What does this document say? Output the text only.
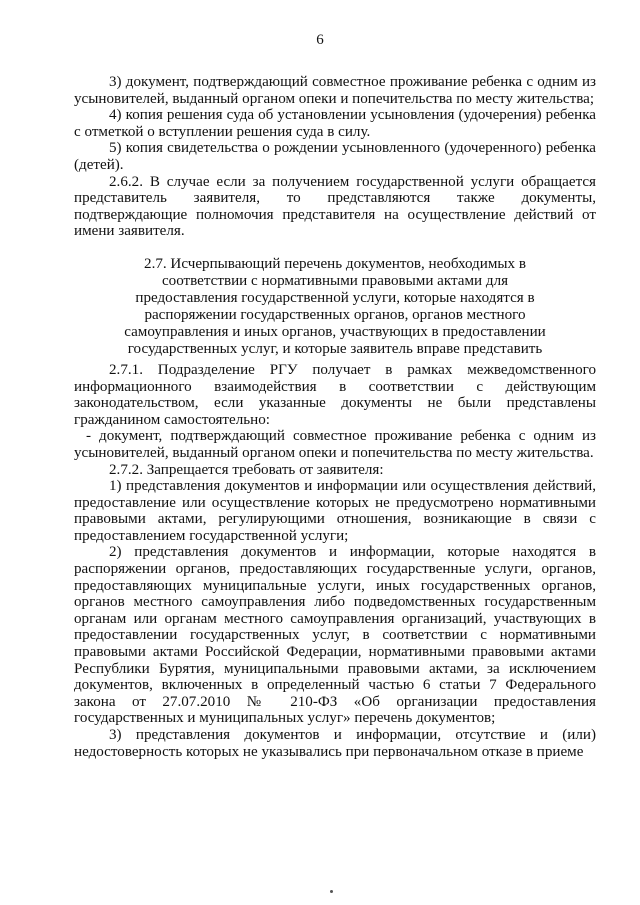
6

3) документ, подтверждающий совместное проживание ребенка с одним из усыновителей, выданный органом опеки и попечительства по месту жительства;

4) копия решения суда об установлении усыновления (удочерения) ребенка с отметкой о вступлении решения суда в силу.

5) копия свидетельства о рождении усыновленного (удочеренного) ребенка (детей).

2.6.2. В случае если за получением государственной услуги обращается представитель заявителя, то представляются также документы, подтверждающие полномочия представителя на осуществление действий от имени заявителя.

2.7. Исчерпывающий перечень документов, необходимых в соответствии с нормативными правовыми актами для предоставления государственной услуги, которые находятся в распоряжении государственных органов, органов местного самоуправления и иных органов, участвующих в предоставлении государственных услуг, и которые заявитель вправе представить

2.7.1. Подразделение РГУ получает в рамках межведомственного информационного взаимодействия в соответствии с действующим законодательством, если указанные документы не были представлены гражданином самостоятельно:

- документ, подтверждающий совместное проживание ребенка с одним из усыновителей, выданный органом опеки и попечительства по месту жительства.

2.7.2. Запрещается требовать от заявителя:

1) представления документов и информации или осуществления действий, предоставление или осуществление которых не предусмотрено нормативными правовыми актами, регулирующими отношения, возникающие в связи с предоставлением государственной услуги;

2) представления документов и информации, которые находятся в распоряжении органов, предоставляющих государственные услуги, органов, предоставляющих муниципальные услуги, иных государственных органов, органов местного самоуправления либо подведомственных государственным органам или органам местного самоуправления организаций, участвующих в предоставлении государственных услуг, в соответствии с нормативными правовыми актами Российской Федерации, нормативными правовыми актами Республики Бурятия, муниципальными правовыми актами, за исключением документов, включенных в определенный частью 6 статьи 7 Федерального закона от 27.07.2010 № 210-ФЗ «Об организации предоставления государственных и муниципальных услуг» перечень документов;

3) представления документов и информации, отсутствие и (или) недостоверность которых не указывались при первоначальном отказе в приеме
